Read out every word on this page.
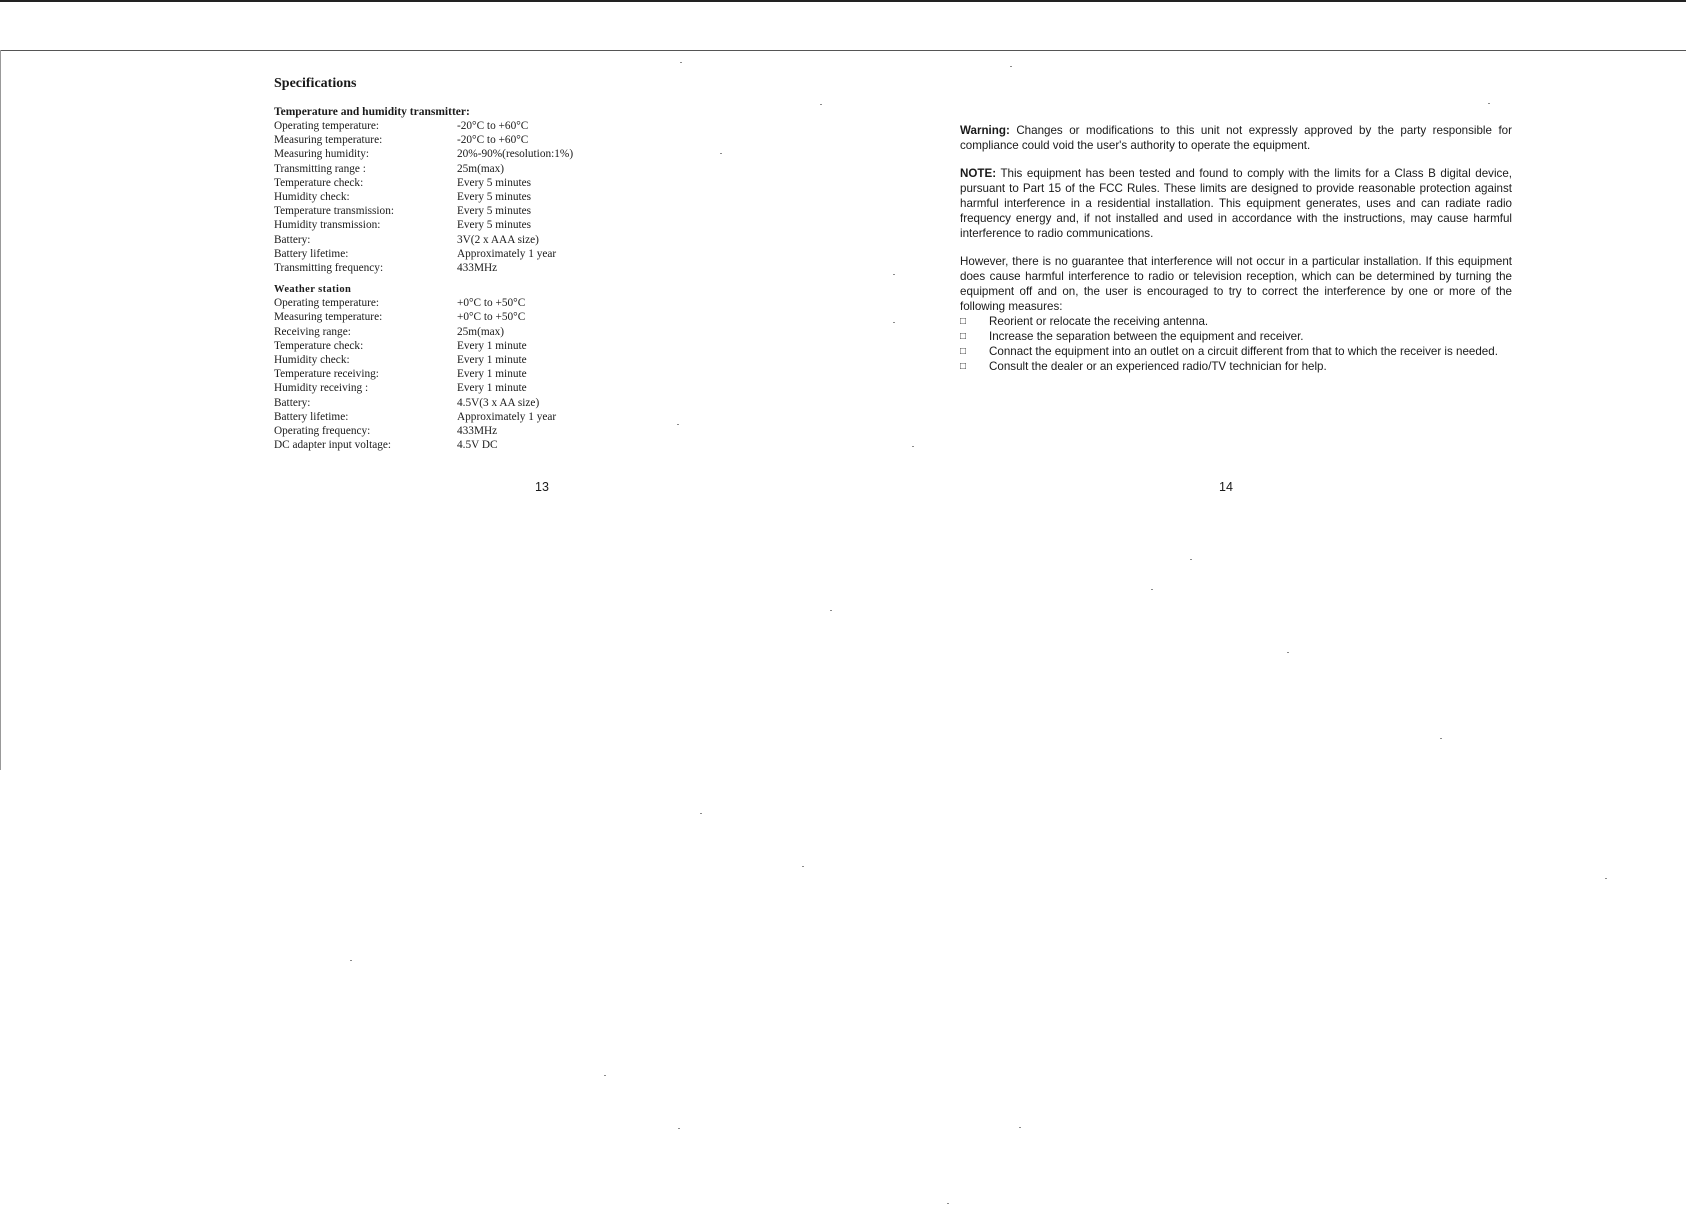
Specifications
Temperature and humidity transmitter:
Operating temperature:	-20°C to +60°C
Measuring temperature:	-20°C to +60°C
Measuring humidity:	20%-90%(resolution:1%)
Transmitting range :	25m(max)
Temperature check:	Every 5 minutes
Humidity check:	Every 5 minutes
Temperature transmission:	Every 5 minutes
Humidity transmission:	Every 5 minutes
Battery:	3V(2 x AAA size)
Battery lifetime:	Approximately 1 year
Transmitting frequency:	433MHz
Weather station
Operating temperature:	+0°C to +50°C
Measuring temperature:	+0°C to +50°C
Receiving range:	25m(max)
Temperature check:	Every 1 minute
Humidity check:	Every 1 minute
Temperature receiving:	Every 1 minute
Humidity receiving :	Every 1 minute
Battery:	4.5V(3 x AA size)
Battery lifetime:	Approximately 1 year
Operating frequency:	433MHz
DC adapter input voltage:	4.5V DC
13

Warning: Changes or modifications to this unit not expressly approved by the party responsible for compliance could void the user's authority to operate the equipment.

NOTE: This equipment has been tested and found to comply with the limits for a Class B digital device, pursuant to Part 15 of the FCC Rules. These limits are designed to provide reasonable protection against harmful interference in a residential installation. This equipment generates, uses and can radiate radio frequency energy and, if not installed and used in accordance with the instructions, may cause harmful interference to radio communications.

However, there is no guarantee that interference will not occur in a particular installation. If this equipment does cause harmful interference to radio or television reception, which can be determined by turning the equipment off and on, the user is encouraged to try to correct the interference by one or more of the following measures:

□ Reorient or relocate the receiving antenna.
□ Increase the separation between the equipment and receiver.
□ Connact the equipment into an outlet on a circuit different from that to which the receiver is needed.
□ Consult the dealer or an experienced radio/TV technician for help.
14
